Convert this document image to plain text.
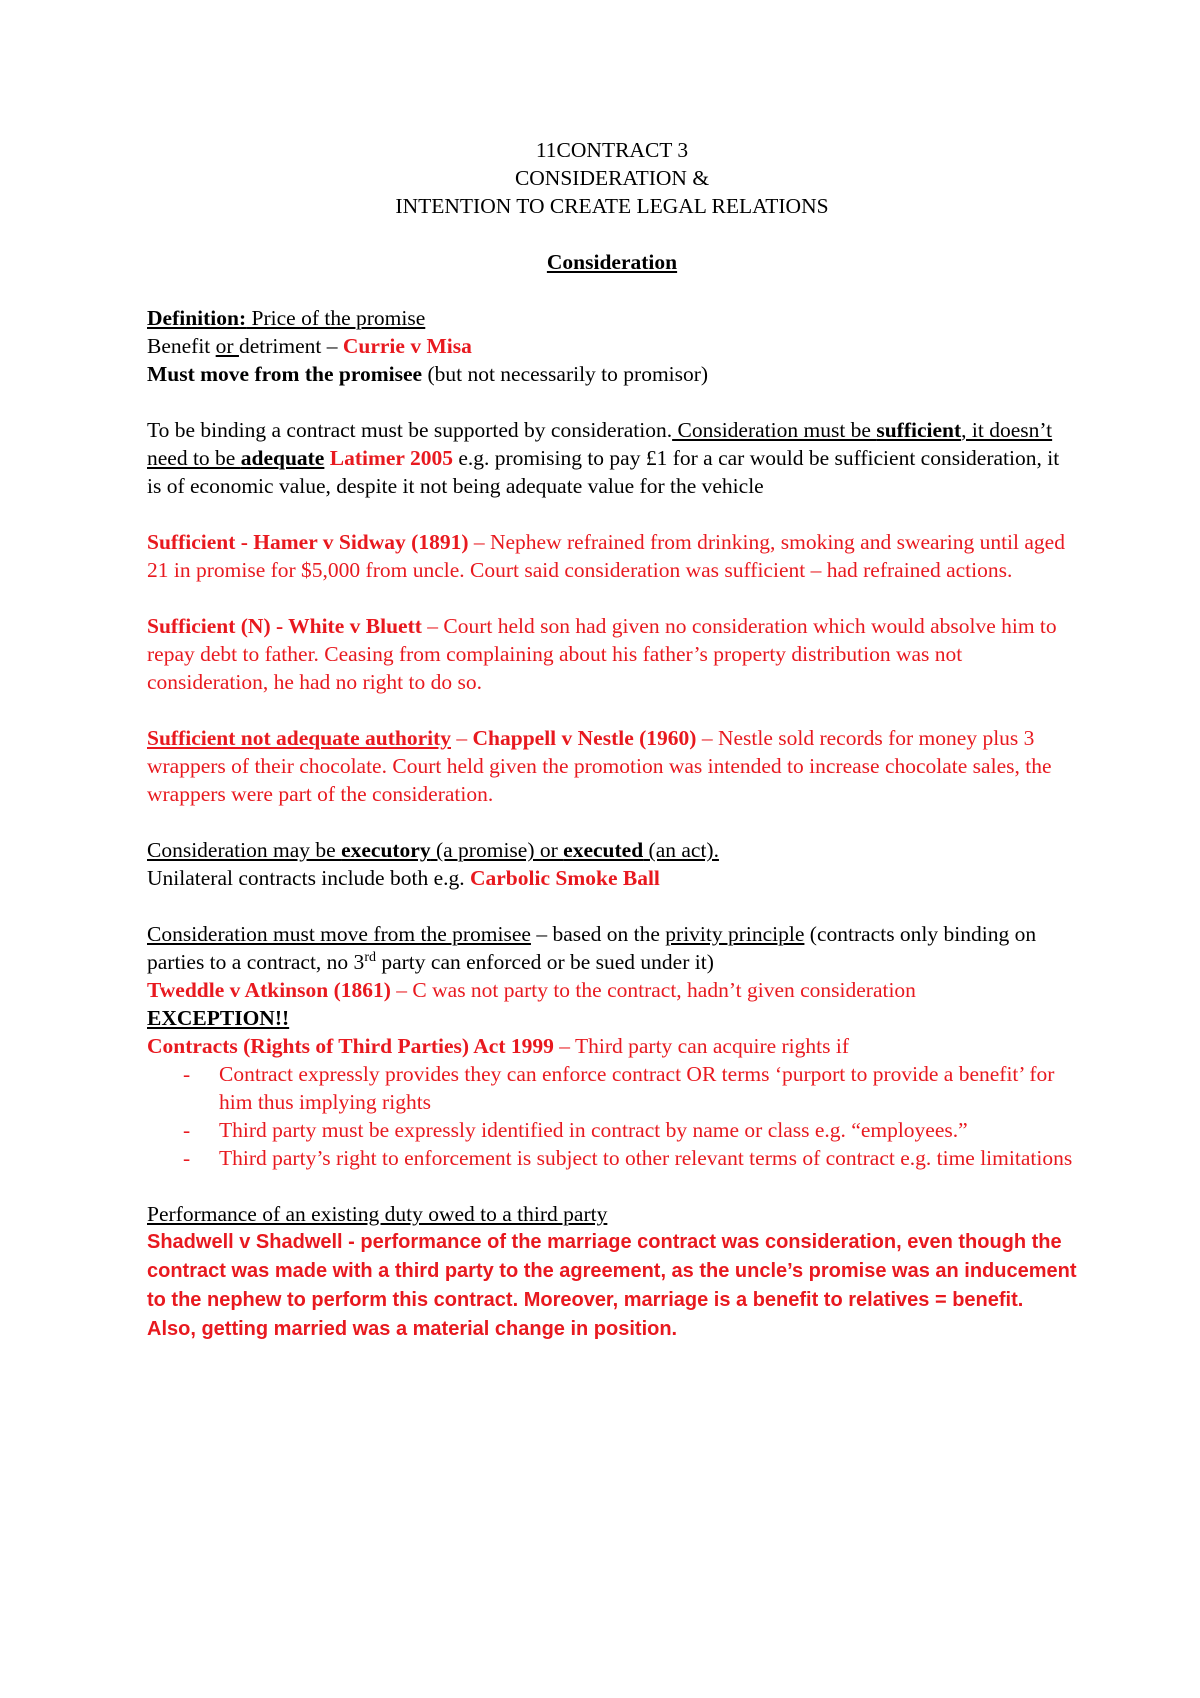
11CONTRACT 3

CONSIDERATION &

INTENTION TO CREATE LEGAL RELATIONS

Consideration

Definition: Price of the promise

Benefit or detriment – Currie v Misa

Must move from the promisee (but not necessarily to promisor)

To be binding a contract must be supported by consideration. Consideration must be sufficient, it doesn’t need to be adequate Latimer 2005 e.g. promising to pay £1 for a car would be sufficient consideration, it is of economic value, despite it not being adequate value for the vehicle

Sufficient - Hamer v Sidway (1891) – Nephew refrained from drinking, smoking and swearing until aged 21 in promise for $5,000 from uncle. Court said consideration was sufficient – had refrained actions.

Sufficient (N) - White v Bluett – Court held son had given no consideration which would absolve him to repay debt to father. Ceasing from complaining about his father’s property distribution was not consideration, he had no right to do so.

Sufficient not adequate authority – Chappell v Nestle (1960) – Nestle sold records for money plus 3 wrappers of their chocolate. Court held given the promotion was intended to increase chocolate sales, the wrappers were part of the consideration.

Consideration may be executory (a promise) or executed (an act).

Unilateral contracts include both e.g. Carbolic Smoke Ball

Consideration must move from the promisee – based on the privity principle (contracts only binding on parties to a contract, no 3rd party can enforced or be sued under it)

Tweddle v Atkinson (1861) – C was not party to the contract, hadn’t given consideration

EXCEPTION!!

Contracts (Rights of Third Parties) Act 1999 – Third party can acquire rights if

- Contract expressly provides they can enforce contract OR terms ‘purport to provide a benefit’ for him thus implying rights
- Third party must be expressly identified in contract by name or class e.g. “employees.”
- Third party’s right to enforcement is subject to other relevant terms of contract e.g. time limitations

Performance of an existing duty owed to a third party

Shadwell v Shadwell - performance of the marriage contract was consideration, even though the contract was made with a third party to the agreement, as the uncle’s promise was an inducement to the nephew to perform this contract. Moreover, marriage is a benefit to relatives = benefit. Also, getting married was a material change in position.
